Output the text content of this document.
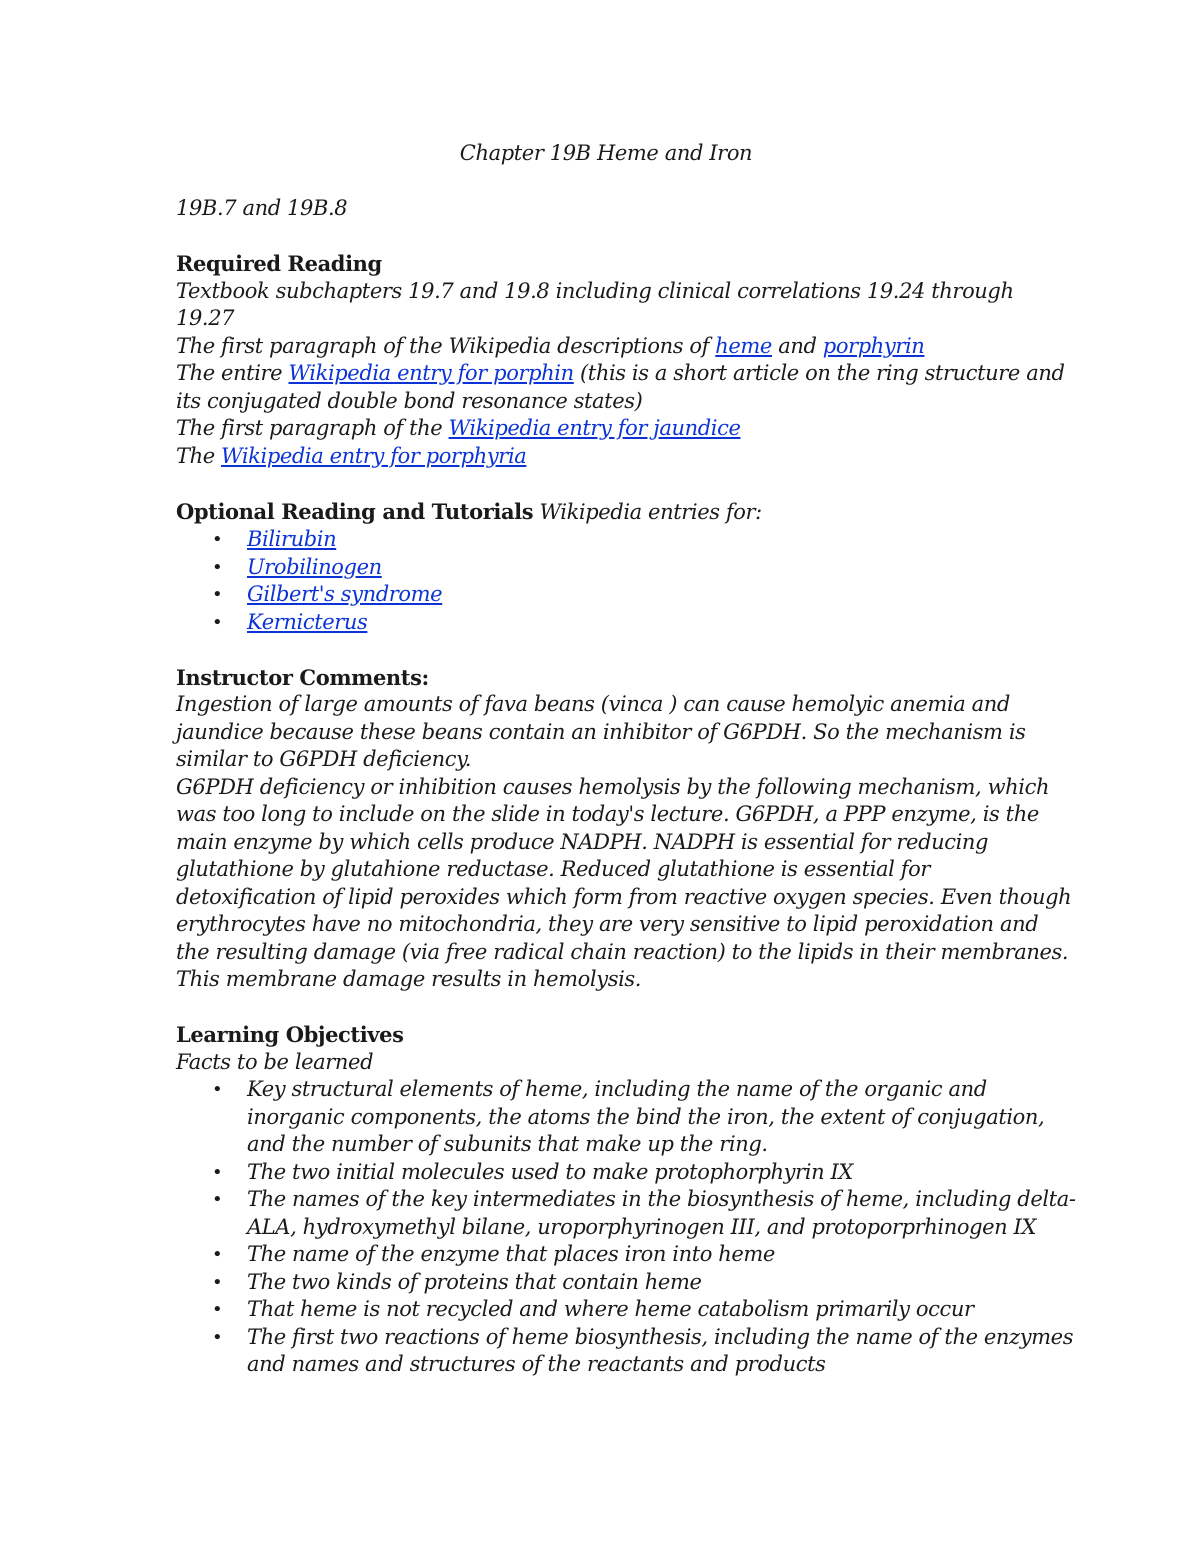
Chapter 19B Heme and Iron
19B.7 and 19B.8
Required Reading
Textbook subchapters 19.7 and 19.8 including clinical correlations 19.24 through
19.27
The first paragraph of the Wikipedia descriptions of heme and porphyrin
The entire Wikipedia entry for porphin (this is a short article on the ring structure and
its conjugated double bond resonance states)
The first paragraph of the Wikipedia entry for jaundice
The Wikipedia entry for porphyria
Optional Reading and Tutorials Wikipedia entries for:
• Bilirubin
• Urobilinogen
• Gilbert's syndrome
• Kernicterus
Instructor Comments:
Ingestion of large amounts of fava beans (vinca ) can cause hemolyic anemia and
jaundice because these beans contain an inhibitor of G6PDH. So the mechanism is
similar to G6PDH deficiency.
G6PDH deficiency or inhibition causes hemolysis by the following mechanism, which
was too long to include on the slide in today's lecture. G6PDH, a PPP enzyme, is the
main enzyme by which cells produce NADPH. NADPH is essential for reducing
glutathione by glutahione reductase. Reduced glutathione is essential for
detoxification of lipid peroxides which form from reactive oxygen species. Even though
erythrocytes have no mitochondria, they are very sensitive to lipid peroxidation and
the resulting damage (via free radical chain reaction) to the lipids in their membranes.
This membrane damage results in hemolysis.
Learning Objectives
Facts to be learned
• Key structural elements of heme, including the name of the organic and
inorganic components, the atoms the bind the iron, the extent of conjugation,
and the number of subunits that make up the ring.
• The two initial molecules used to make protophorphyrin IX
• The names of the key intermediates in the biosynthesis of heme, including delta-
ALA, hydroxymethyl bilane, uroporphyrinogen III, and protoporprhinogen IX
• The name of the enzyme that places iron into heme
• The two kinds of proteins that contain heme
• That heme is not recycled and where heme catabolism primarily occur
• The first two reactions of heme biosynthesis, including the name of the enzymes
and names and structures of the reactants and products
